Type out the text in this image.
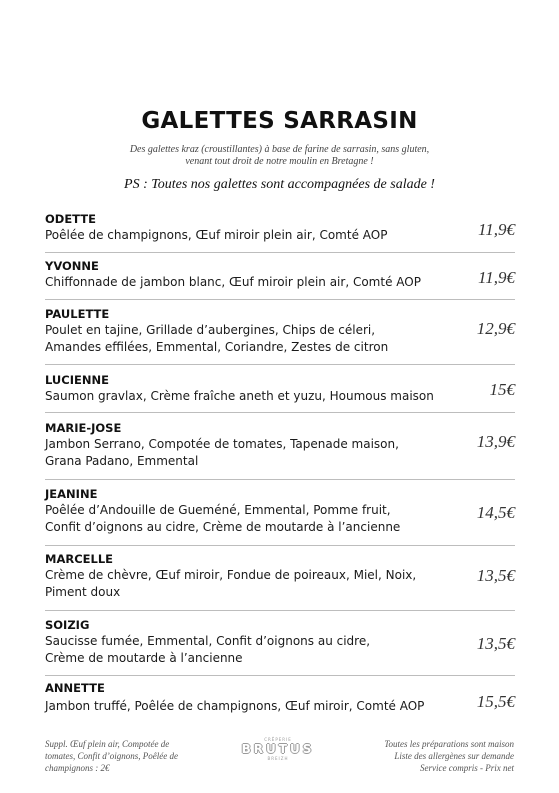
GALETTES SARRASIN
Des galettes kraz (croustillantes) à base de farine de sarrasin, sans gluten,
venant tout droit de notre moulin en Bretagne !
PS : Toutes nos galettes sont accompagnées de salade !
ODETTE
Poêlée de champignons, Œuf miroir plein air, Comté AOP	11,9€
YVONNE
Chiffonnade de jambon blanc, Œuf miroir plein air, Comté AOP	11,9€
PAULETTE
Poulet en tajine, Grillade d’aubergines, Chips de céleri,
Amandes effilées, Emmental, Coriandre, Zestes de citron
12,9€
LUCIENNE
Saumon gravlax, Crème fraîche aneth et yuzu, Houmous maison	15€
MARIE-JOSE
Jambon Serrano, Compotée de tomates, Tapenade maison,
Grana Padano, Emmental
13,9€
JEANINE
Poêlée d’Andouille de Gueméné, Emmental, Pomme fruit,
Confit d’oignons au cidre, Crème de moutarde à l’ancienne
14,5€
MARCELLE
Crème de chèvre, Œuf miroir, Fondue de poireaux, Miel, Noix,
Piment doux
13,5€
SOIZIG
Saucisse fumée, Emmental, Confit d’oignons au cidre,
Crème de moutarde à l’ancienne
13,5€
ANNETTE
Jambon truffé, Poêlée de champignons, Œuf miroir, Comté AOP	15,5€
Suppl. Œuf plein air, Compotée de
tomates, Confit d’oignons, Poêlée de
champignons : 2€
CRÊPERIE
BRUTUS
BREIZH
Toutes les préparations sont maison
Liste des allergènes sur demande
Service compris - Prix net
